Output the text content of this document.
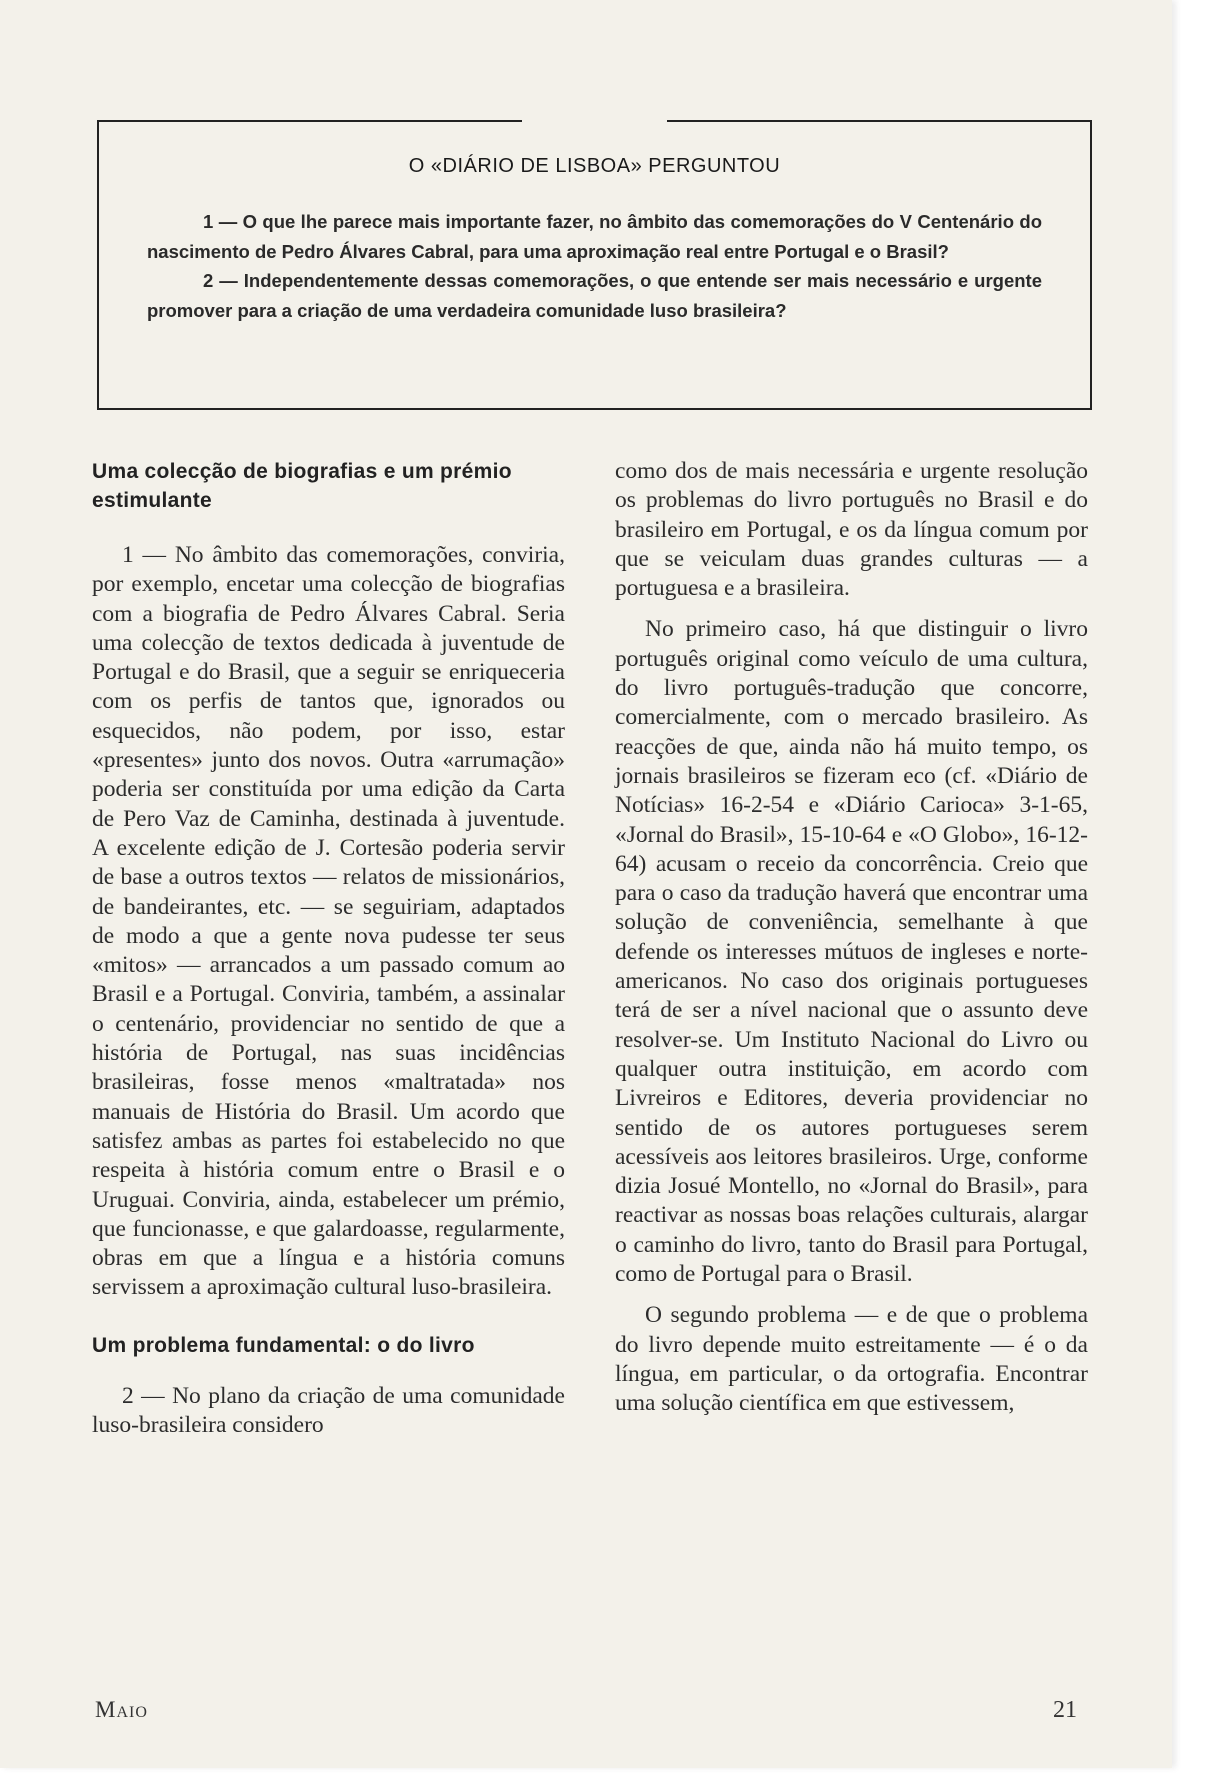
O «DIÁRIO DE LISBOA» PERGUNTOU

1 — O que lhe parece mais importante fazer, no âmbito das comemorações do V Centenário do nascimento de Pedro Álvares Cabral, para uma aproximação real entre Portugal e o Brasil?

2 — Independentemente dessas comemorações, o que entende ser mais necessário e urgente promover para a criação de uma verdadeira comunidade luso brasileira?

Uma colecção de biografias e um prémio estimulante

1 — No âmbito das comemorações, conviria, por exemplo, encetar uma colecção de biografias com a biografia de Pedro Álvares Cabral. Seria uma colecção de textos dedicada à juventude de Portugal e do Brasil, que a seguir se enriqueceria com os perfis de tantos que, ignorados ou esquecidos, não podem, por isso, estar «presentes» junto dos novos. Outra «arrumação» poderia ser constituída por uma edição da Carta de Pero Vaz de Caminha, destinada à juventude. A excelente edição de J. Cortesão poderia servir de base a outros textos — relatos de missionários, de bandeirantes, etc. — se seguiriam, adaptados de modo a que a gente nova pudesse ter seus «mitos» — arrancados a um passado comum ao Brasil e a Portugal. Conviria, também, a assinalar o centenário, providenciar no sentido de que a história de Portugal, nas suas incidências brasileiras, fosse menos «maltratada» nos manuais de História do Brasil. Um acordo que satisfez ambas as partes foi estabelecido no que respeita à história comum entre o Brasil e o Uruguai. Conviria, ainda, estabelecer um prémio, que funcionasse, e que galardoasse, regularmente, obras em que a língua e a história comuns servissem a aproximação cultural luso-brasileira.

Um problema fundamental: o do livro

2 — No plano da criação de uma comunidade luso-brasileira considero

como dos de mais necessária e urgente resolução os problemas do livro português no Brasil e do brasileiro em Portugal, e os da língua comum por que se veiculam duas grandes culturas — a portuguesa e a brasileira.

No primeiro caso, há que distinguir o livro português original como veículo de uma cultura, do livro português-tradução que concorre, comercialmente, com o mercado brasileiro. As reacções de que, ainda não há muito tempo, os jornais brasileiros se fizeram eco (cf. «Diário de Notícias» 16-2-54 e «Diário Carioca» 3-1-65, «Jornal do Brasil», 15-10-64 e «O Globo», 16-12-64) acusam o receio da concorrência. Creio que para o caso da tradução haverá que encontrar uma solução de conveniência, semelhante à que defende os interesses mútuos de ingleses e norte-americanos. No caso dos originais portugueses terá de ser a nível nacional que o assunto deve resolver-se. Um Instituto Nacional do Livro ou qualquer outra instituição, em acordo com Livreiros e Editores, deveria providenciar no sentido de os autores portugueses serem acessíveis aos leitores brasileiros. Urge, conforme dizia Josué Montello, no «Jornal do Brasil», para reactivar as nossas boas relações culturais, alargar o caminho do livro, tanto do Brasil para Portugal, como de Portugal para o Brasil.

O segundo problema — e de que o problema do livro depende muito estreitamente — é o da língua, em particular, o da ortografia. Encontrar uma solução científica em que estivessem,

Maio	21
